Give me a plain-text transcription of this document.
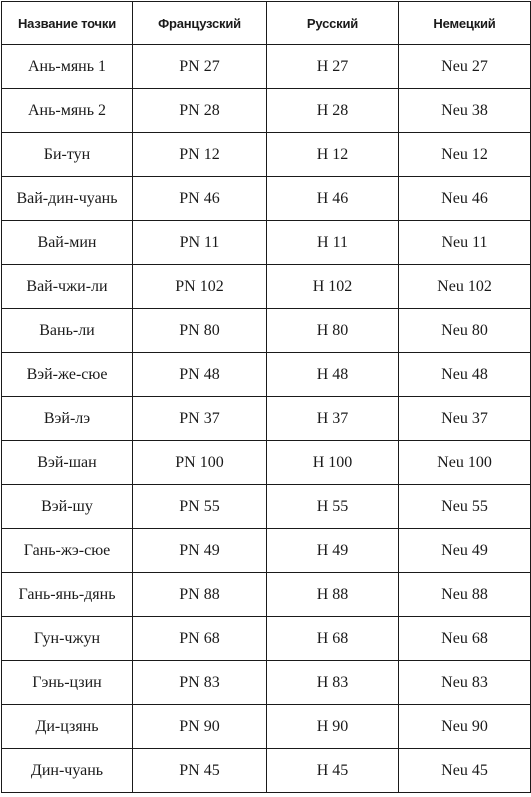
Название точки	Французский	Русский	Немецкий
Ань-мянь 1	PN 27	H 27	Neu 27
Ань-мянь 2	PN 28	H 28	Neu 38
Би-тун	PN 12	H 12	Neu 12
Вай-дин-чуань	PN 46	H 46	Neu 46
Вай-мин	PN 11	H 11	Neu 11
Вай-чжи-ли	PN 102	H 102	Neu 102
Вань-ли	PN 80	H 80	Neu 80
Вэй-же-сюе	PN 48	H 48	Neu 48
Вэй-лэ	PN 37	H 37	Neu 37
Вэй-шан	PN 100	H 100	Neu 100
Вэй-шу	PN 55	H 55	Neu 55
Гань-жэ-сюе	PN 49	H 49	Neu 49
Гань-янь-дянь	PN 88	H 88	Neu 88
Гун-чжун	PN 68	H 68	Neu 68
Гэнь-цзин	PN 83	H 83	Neu 83
Ди-цзянь	PN 90	H 90	Neu 90
Дин-чуань	PN 45	H 45	Neu 45
